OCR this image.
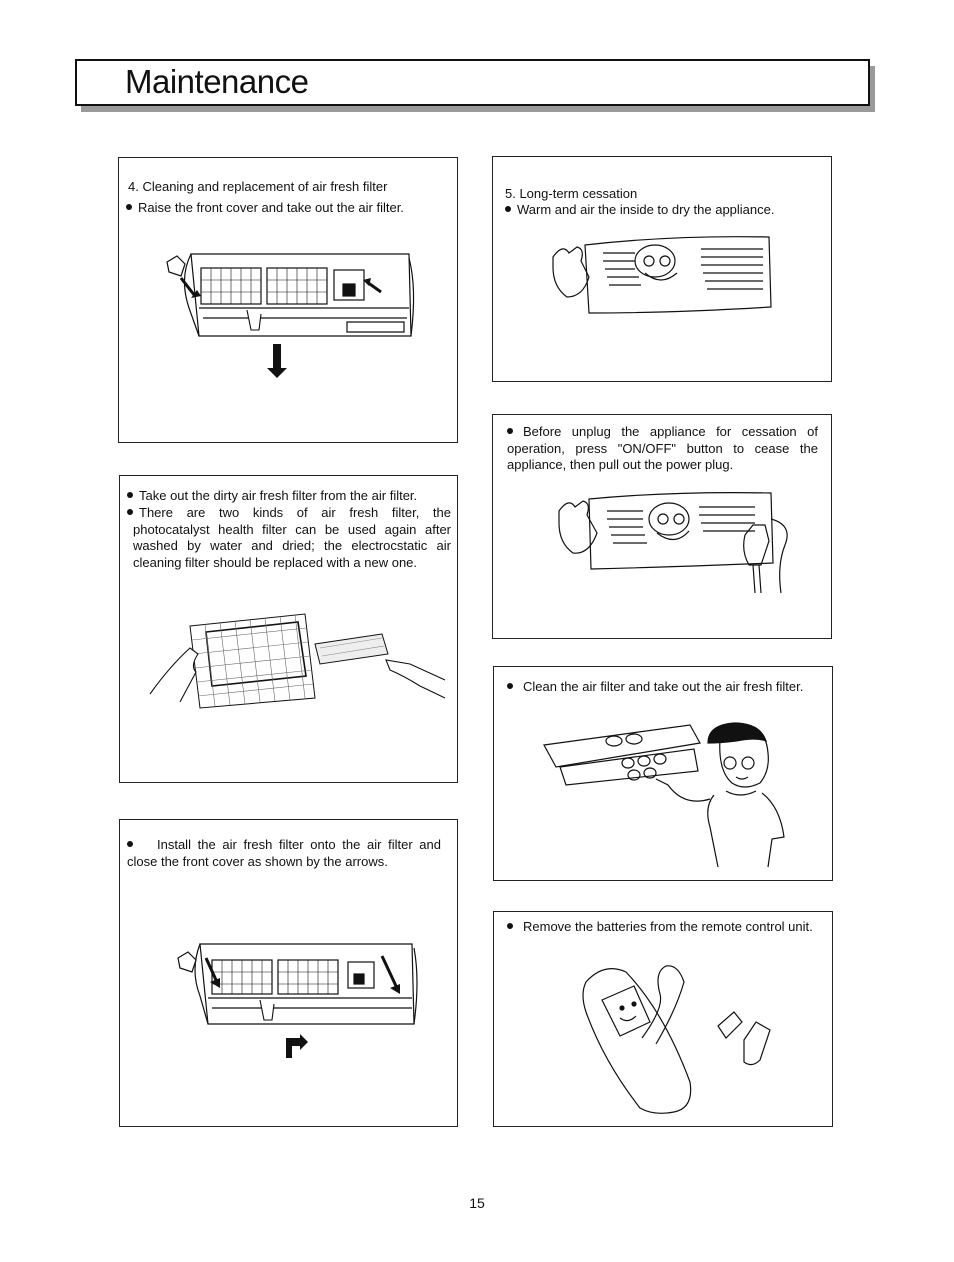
Maintenance
4. Cleaning and replacement of air fresh filter
Raise the front cover and take out the air filter.
Take out the dirty air fresh filter from the air filter.
There are two kinds of air fresh filter, the photocatalyst health filter can be used again after washed by water and dried; the electrocstatic air cleaning filter should be replaced with a new one.
Install the air fresh filter onto the air filter and close the front cover as shown by the arrows.
5. Long-term cessation
Warm and air the inside to dry the appliance.
Before unplug the appliance for cessation of operation, press "ON/OFF" button to cease the appliance, then pull out the power plug.
Clean the air filter and take out the air fresh filter.
Remove the batteries from the remote control unit.
15
